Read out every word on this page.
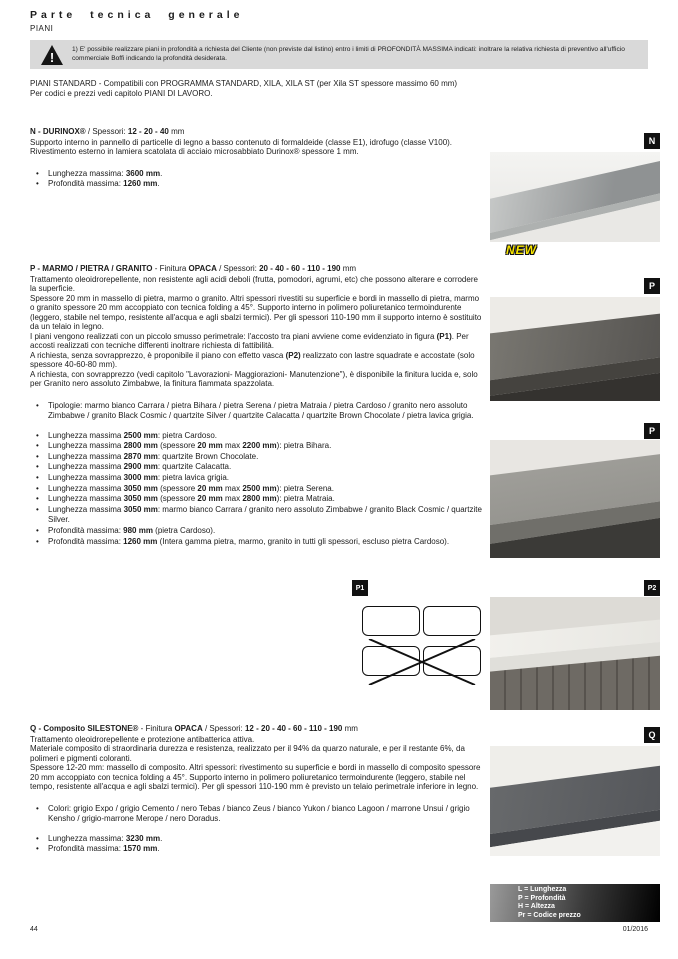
Parte tecnica generale
PIANI
!
1) E' possibile realizzare piani in profondità a richiesta del Cliente (non previste dal listino) entro i limiti di PROFONDITÀ MASSIMA indicati: inoltrare la relativa richiesta di preventivo all'ufficio commerciale Boffi indicando la profondità desiderata.
PIANI STANDARD - Compatibili con PROGRAMMA STANDARD, XILA, XILA ST (per Xila ST spessore massimo 60 mm)
Per codici e prezzi vedi capitolo PIANI DI LAVORO.
N - DURINOX® / Spessori: 12 - 20 - 40 mm
Supporto interno in pannello di particelle di legno a basso contenuto di formaldeide (classe E1), idrofugo (classe V100). Rivestimento esterno in lamiera scatolata di acciaio microsabbiato Durinox® spessore 1 mm.
• Lunghezza massima: 3600 mm.
• Profondità massima: 1260 mm.
P - MARMO / PIETRA / GRANITO - Finitura OPACA / Spessori: 20 - 40 - 60 - 110 - 190 mm
Trattamento oleoidrorepellente, non resistente agli acidi deboli (frutta, pomodori, agrumi, etc) che possono alterare e corrodere la superficie.
Spessore 20 mm in massello di pietra, marmo o granito. Altri spessori rivestiti su superficie e bordi in massello di pietra, marmo o granito spessore 20 mm accoppiato con tecnica folding a 45°. Supporto interno in polimero poliuretanico termoindurente (leggero, stabile nel tempo, resistente all'acqua e agli sbalzi termici). Per gli spessori 110-190 mm il supporto interno è sostituito da un telaio in legno.
I piani vengono realizzati con un piccolo smusso perimetrale: l'accosto tra piani avviene come evidenziato in figura (P1). Per accosti realizzati con tecniche differenti inoltrare richiesta di fattibilità.
A richiesta, senza sovrapprezzo, è proponibile il piano con effetto vasca (P2) realizzato con lastre squadrate e accostate (solo spessore 40-60-80 mm).
A richiesta, con sovrapprezzo (vedi capitolo "Lavorazioni- Maggiorazioni- Manutenzione"), è disponibile la finitura lucida e, solo per Granito nero assoluto Zimbabwe, la finitura fiammata spazzolata.
• Tipologie: marmo bianco Carrara / pietra Bihara / pietra Serena / pietra Matraia / pietra Cardoso / granito nero assoluto Zimbabwe / granito Black Cosmic / quartzite Silver / quartzite Calacatta / quartzite Brown Chocolate / pietra lavica grigia.
• Lunghezza massima 2500 mm: pietra Cardoso.
• Lunghezza massima 2800 mm (spessore 20 mm max 2200 mm): pietra Bihara.
• Lunghezza massima 2870 mm: quartzite Brown Chocolate.
• Lunghezza massima 2900 mm: quartzite Calacatta.
• Lunghezza massima 3000 mm: pietra lavica grigia.
• Lunghezza massima 3050 mm (spessore 20 mm max 2500 mm): pietra Serena.
• Lunghezza massima 3050 mm (spessore 20 mm max 2800 mm): pietra Matraia.
• Lunghezza massima 3050 mm: marmo bianco Carrara / granito nero assoluto Zimbabwe / granito Black Cosmic / quartzite Silver.
• Profondità massima: 980 mm (pietra Cardoso).
• Profondità massima: 1260 mm (Intera gamma pietra, marmo, granito in tutti gli spessori, escluso pietra Cardoso).
Q - Composito SILESTONE® - Finitura OPACA / Spessori: 12 - 20 - 40 - 60 - 110 - 190 mm
Trattamento oleoidrorepellente e protezione antibatterica attiva.
Materiale composito di straordinaria durezza e resistenza, realizzato per il 94% da quarzo naturale, e per il restante 6%, da polimeri e pigmenti coloranti.
Spessore 12-20 mm: massello di composito. Altri spessori: rivestimento su superficie e bordi in massello di composito spessore 20 mm accoppiato con tecnica folding a 45°. Supporto interno in polimero poliuretanico termoindurente (leggero, stabile nel tempo, resistente all'acqua e agli sbalzi termici). Per gli spessori 110-190 mm è previsto un telaio perimetrale inferiore in legno.
• Colori: grigio Expo / grigio Cemento / nero Tebas / bianco Zeus / bianco Yukon / bianco Lagoon / marrone Unsui / grigio Kensho / grigio-marrone Merope / nero Doradus.
• Lunghezza massima: 3230 mm.
• Profondità massima: 1570 mm.
N
P
P
P1	P2
Q
NEW
L = Lunghezza
P = Profondità
H = Altezza
Pr = Codice prezzo
44	01/2016
